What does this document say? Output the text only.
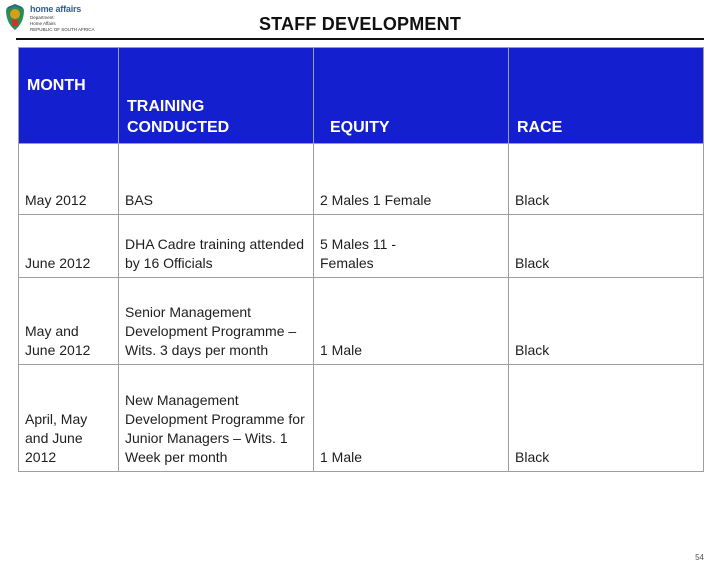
home affairs
Department:
Home Affairs
REPUBLIC OF SOUTH AFRICA	STAFF DEVELOPMENT
MONTH	TRAINING CONDUCTED	EQUITY	RACE
May 2012	BAS	2 Males 1 Female	Black
June 2012	DHA Cadre training attended by 16 Officials	5 Males 11 - Females	Black
May and June 2012	Senior Management Development Programme – Wits. 3 days per month	1 Male	Black
April, May and June 2012	New Management Development Programme for Junior Managers – Wits. 1 Week per month	1 Male	Black
54
